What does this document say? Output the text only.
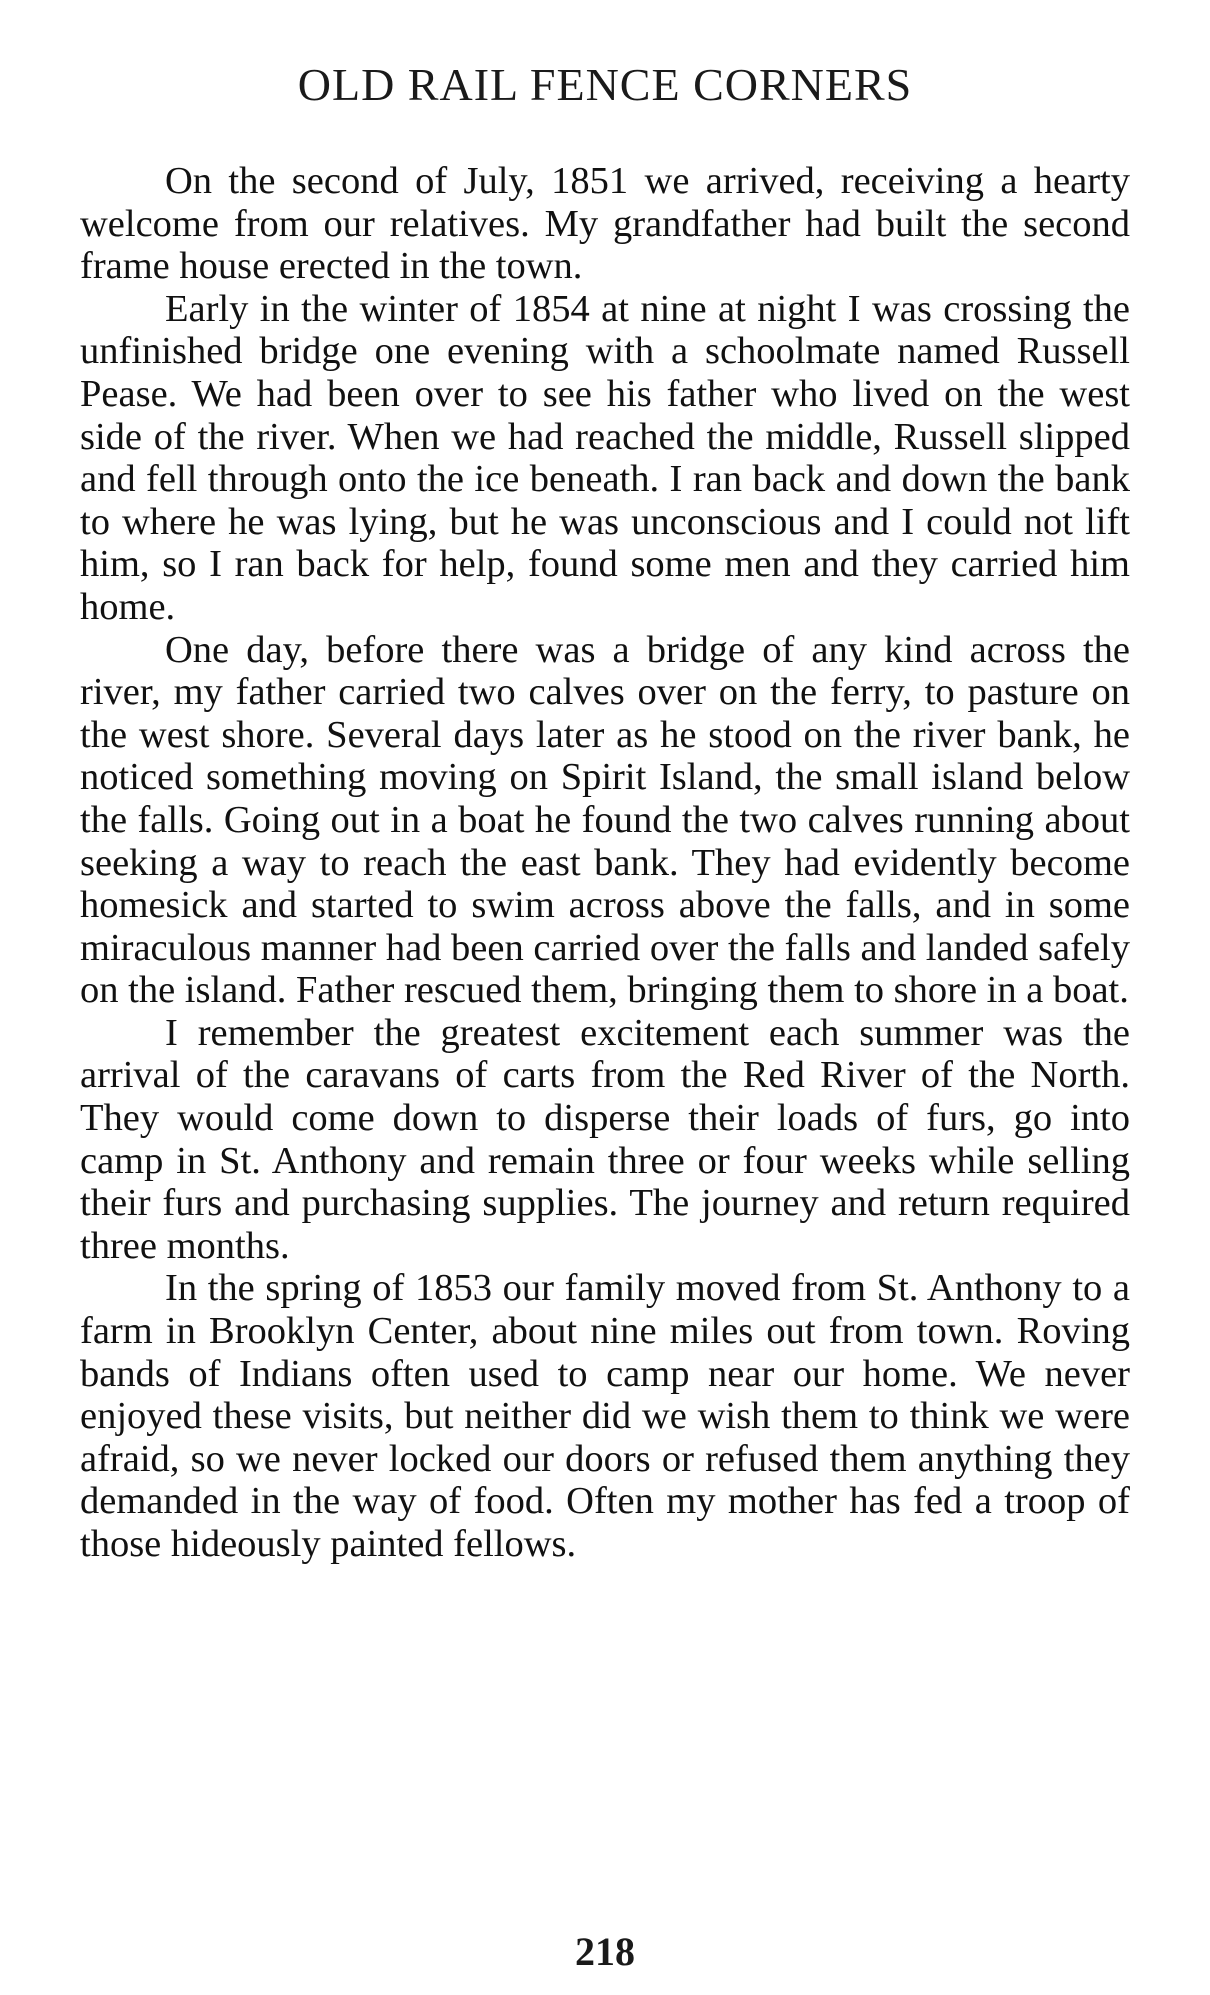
OLD RAIL FENCE CORNERS

On the second of July, 1851 we arrived, receiving a hearty welcome from our relatives. My grandfather had built the second frame house erected in the town.

Early in the winter of 1854 at nine at night I was crossing the unfinished bridge one evening with a schoolmate named Russell Pease. We had been over to see his father who lived on the west side of the river. When we had reached the middle, Russell slipped and fell through onto the ice beneath. I ran back and down the bank to where he was lying, but he was unconscious and I could not lift him, so I ran back for help, found some men and they carried him home.

One day, before there was a bridge of any kind across the river, my father carried two calves over on the ferry, to pasture on the west shore. Several days later as he stood on the river bank, he noticed something moving on Spirit Island, the small island below the falls. Going out in a boat he found the two calves running about seeking a way to reach the east bank. They had evidently become homesick and started to swim across above the falls, and in some miraculous manner had been carried over the falls and landed safely on the island. Father rescued them, bringing them to shore in a boat.

I remember the greatest excitement each summer was the arrival of the caravans of carts from the Red River of the North. They would come down to disperse their loads of furs, go into camp in St. Anthony and remain three or four weeks while selling their furs and purchasing supplies. The journey and return required three months.

In the spring of 1853 our family moved from St. Anthony to a farm in Brooklyn Center, about nine miles out from town. Roving bands of Indians often used to camp near our home. We never enjoyed these visits, but neither did we wish them to think we were afraid, so we never locked our doors or refused them anything they demanded in the way of food. Often my mother has fed a troop of those hideously painted fellows.

218
